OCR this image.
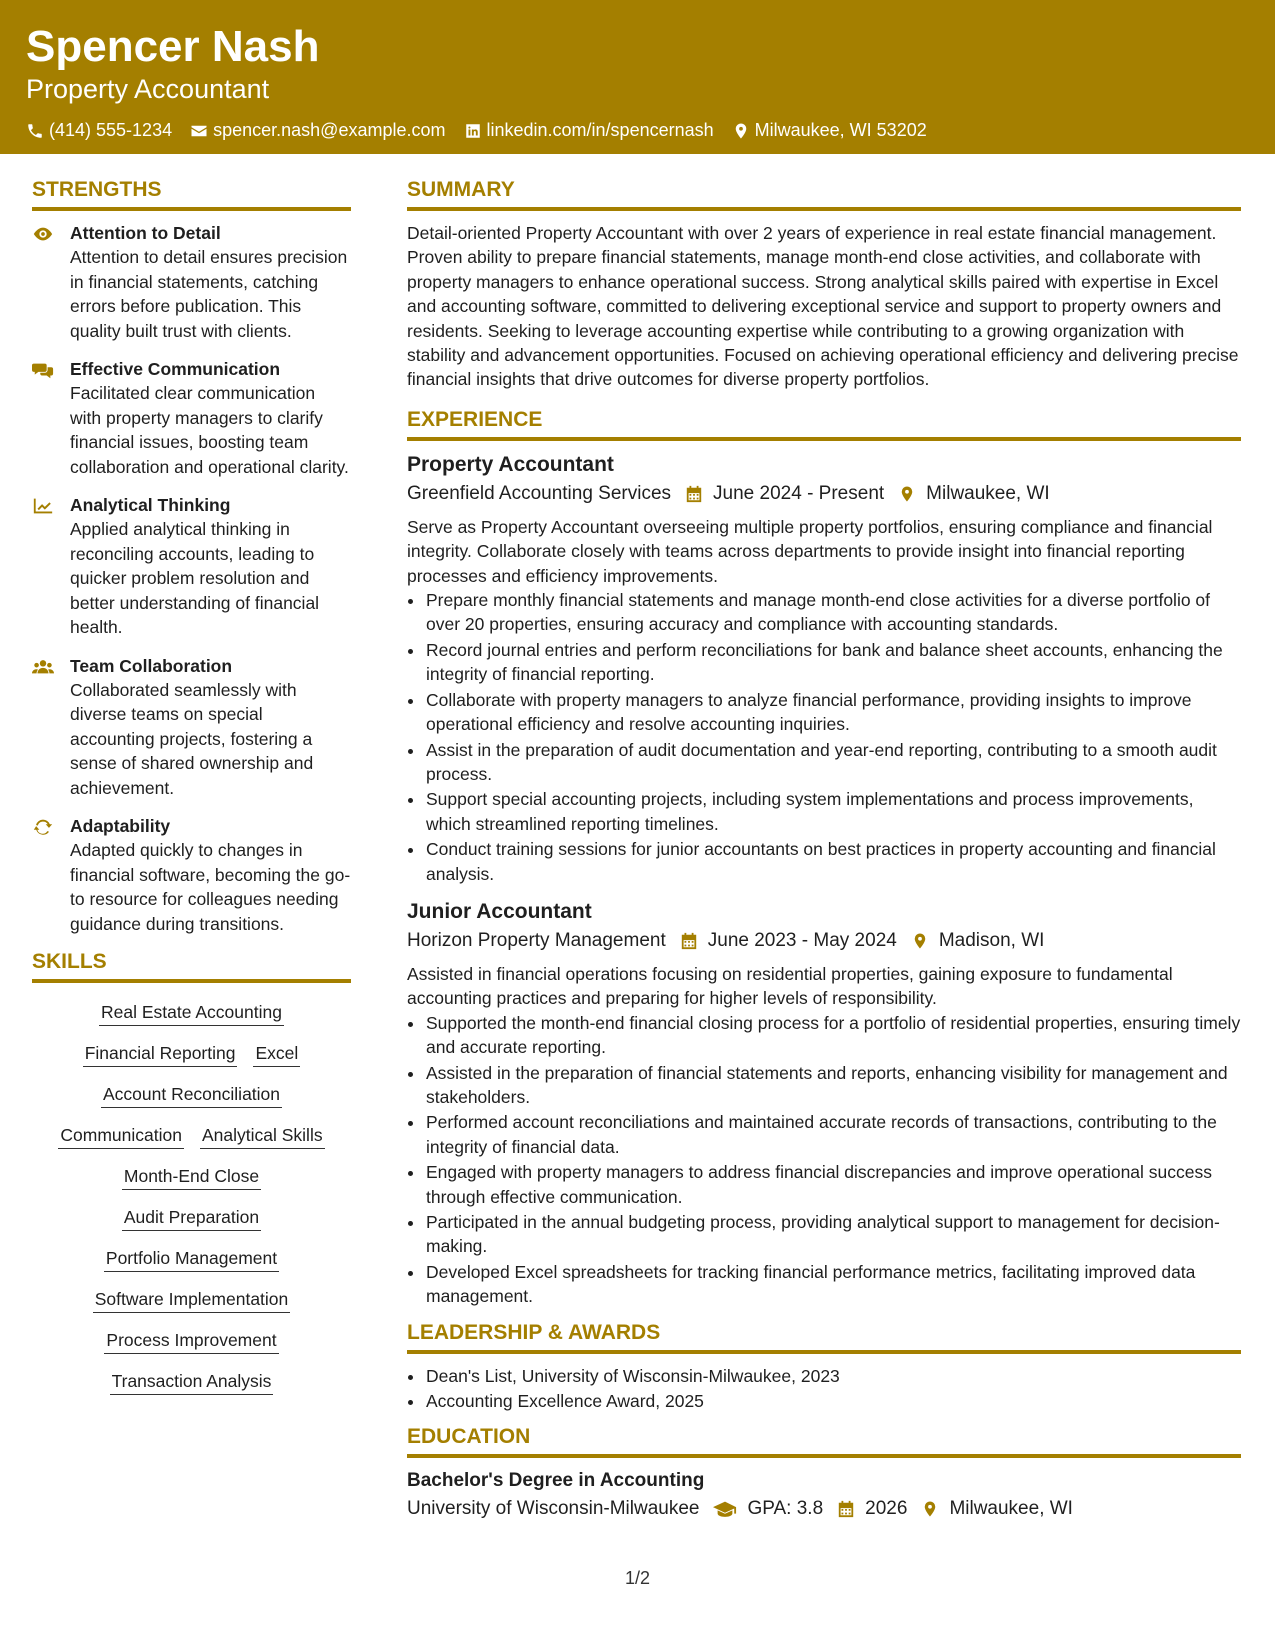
Spencer Nash
Property Accountant
(414) 555-1234 spencer.nash@example.com linkedin.com/in/spencernash Milwaukee, WI 53202
STRENGTHS
Attention to Detail
Attention to detail ensures precision in financial statements, catching errors before publication. This quality built trust with clients.
Effective Communication
Facilitated clear communication with property managers to clarify financial issues, boosting team collaboration and operational clarity.
Analytical Thinking
Applied analytical thinking in reconciling accounts, leading to quicker problem resolution and better understanding of financial health.
Team Collaboration
Collaborated seamlessly with diverse teams on special accounting projects, fostering a sense of shared ownership and achievement.
Adaptability
Adapted quickly to changes in financial software, becoming the go-to resource for colleagues needing guidance during transitions.
SKILLS
Real Estate Accounting
Financial Reporting Excel
Account Reconciliation
Communication Analytical Skills
Month-End Close
Audit Preparation
Portfolio Management
Software Implementation
Process Improvement
Transaction Analysis
SUMMARY

Detail-oriented Property Accountant with over 2 years of experience in real estate financial management. Proven ability to prepare financial statements, manage month-end close activities, and collaborate with property managers to enhance operational success. Strong analytical skills paired with expertise in Excel and accounting software, committed to delivering exceptional service and support to property owners and residents. Seeking to leverage accounting expertise while contributing to a growing organization with stability and advancement opportunities. Focused on achieving operational efficiency and delivering precise financial insights that drive outcomes for diverse property portfolios.

EXPERIENCE
Property Accountant
Greenfield Accounting Services June 2024 - Present Milwaukee, WI

Serve as Property Accountant overseeing multiple property portfolios, ensuring compliance and financial integrity. Collaborate closely with teams across departments to provide insight into financial reporting processes and efficiency improvements.

• Prepare monthly financial statements and manage month-end close activities for a diverse portfolio of over 20 properties, ensuring accuracy and compliance with accounting standards.
• Record journal entries and perform reconciliations for bank and balance sheet accounts, enhancing the integrity of financial reporting.
• Collaborate with property managers to analyze financial performance, providing insights to improve operational efficiency and resolve accounting inquiries.
• Assist in the preparation of audit documentation and year-end reporting, contributing to a smooth audit process.
• Support special accounting projects, including system implementations and process improvements, which streamlined reporting timelines.
• Conduct training sessions for junior accountants on best practices in property accounting and financial analysis.
Junior Accountant
Horizon Property Management June 2023 - May 2024 Madison, WI

Assisted in financial operations focusing on residential properties, gaining exposure to fundamental accounting practices and preparing for higher levels of responsibility.

• Supported the month-end financial closing process for a portfolio of residential properties, ensuring timely and accurate reporting.
• Assisted in the preparation of financial statements and reports, enhancing visibility for management and stakeholders.
• Performed account reconciliations and maintained accurate records of transactions, contributing to the integrity of financial data.
• Engaged with property managers to address financial discrepancies and improve operational success through effective communication.
• Participated in the annual budgeting process, providing analytical support to management for decision-making.
• Developed Excel spreadsheets for tracking financial performance metrics, facilitating improved data management.
LEADERSHIP & AWARDS
• Dean's List, University of Wisconsin-Milwaukee, 2023
• Accounting Excellence Award, 2025
EDUCATION
Bachelor's Degree in Accounting
University of Wisconsin-Milwaukee	GPA: 3.8 2026 Milwaukee, WI
1/2
